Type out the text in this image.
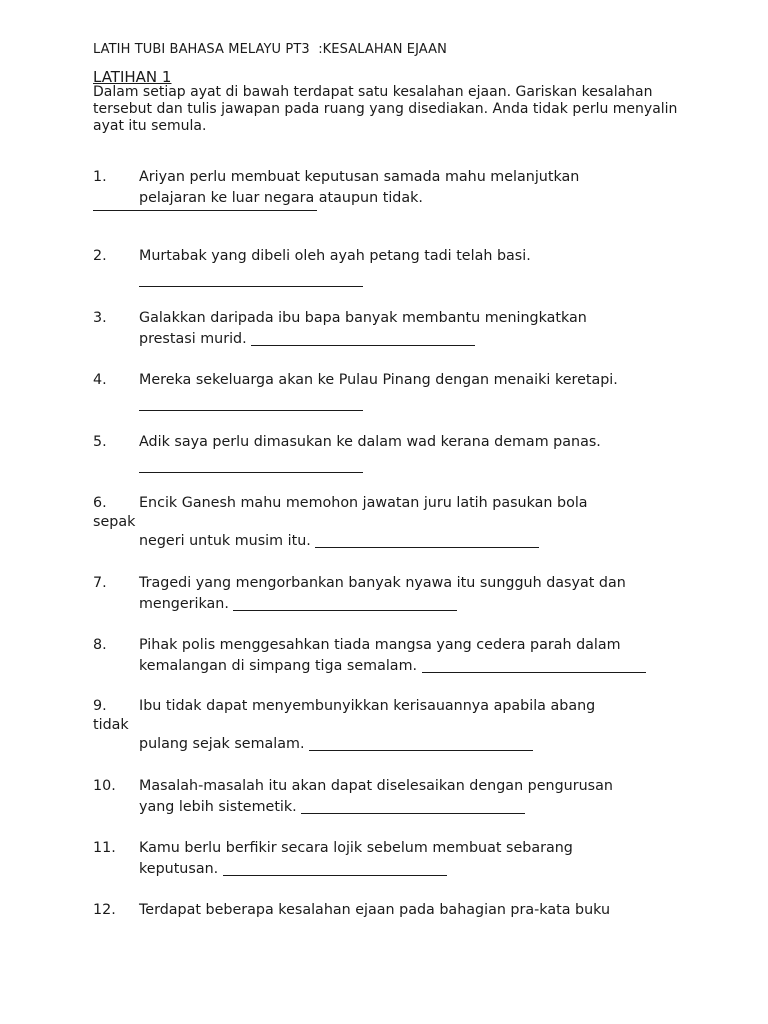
LATIH TUBI BAHASA MELAYU PT3  :KESALAHAN EJAAN
LATIHAN 1
Dalam setiap ayat di bawah terdapat satu kesalahan ejaan. Gariskan kesalahan tersebut dan tulis jawapan pada ruang yang disediakan. Anda tidak perlu menyalin ayat itu semula.
1. Ariyan perlu membuat keputusan samada mahu melanjutkan
pelajaran ke luar negara ataupun tidak.
2. Murtabak yang dibeli oleh ayah petang tadi telah basi.
3. Galakkan daripada ibu bapa banyak membantu meningkatkan
prestasi murid.
4. Mereka sekeluarga akan ke Pulau Pinang dengan menaiki keretapi.
5. Adik saya perlu dimasukan ke dalam wad kerana demam panas.
6. Encik Ganesh mahu memohon jawatan juru latih pasukan bola
sepak
negeri untuk musim itu.
7. Tragedi yang mengorbankan banyak nyawa itu sungguh dasyat dan
mengerikan.
8. Pihak polis menggesahkan tiada mangsa yang cedera parah dalam
kemalangan di simpang tiga semalam.
9. Ibu tidak dapat menyembunyikkan kerisauannya apabila abang
tidak
pulang sejak semalam.
10. Masalah-masalah itu akan dapat diselesaikan dengan pengurusan
yang lebih sistemetik.
11. Kamu berlu berfikir secara lojik sebelum membuat sebarang
keputusan.
12. Terdapat beberapa kesalahan ejaan pada bahagian pra-kata buku
